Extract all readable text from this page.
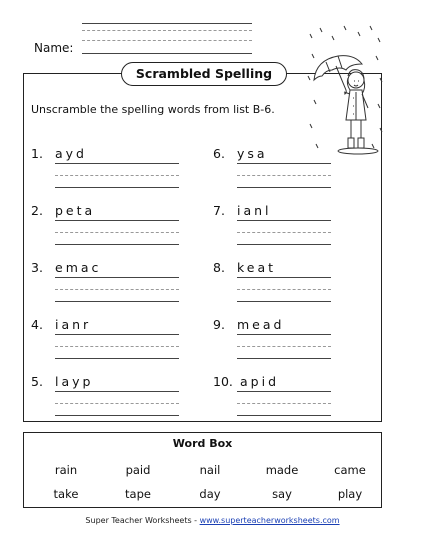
Name:
Scrambled Spelling
Unscramble the spelling words from list B-6.
1. ayd
2. peta
3. emac
4. ianr
5. layp
6. ysa
7. ianl
8. keat
9. mead
10. apid
Word Box
rain	paid	nail	made	came
take	tape	day	say	play
Super Teacher Worksheets - www.superteacherworksheets.com
